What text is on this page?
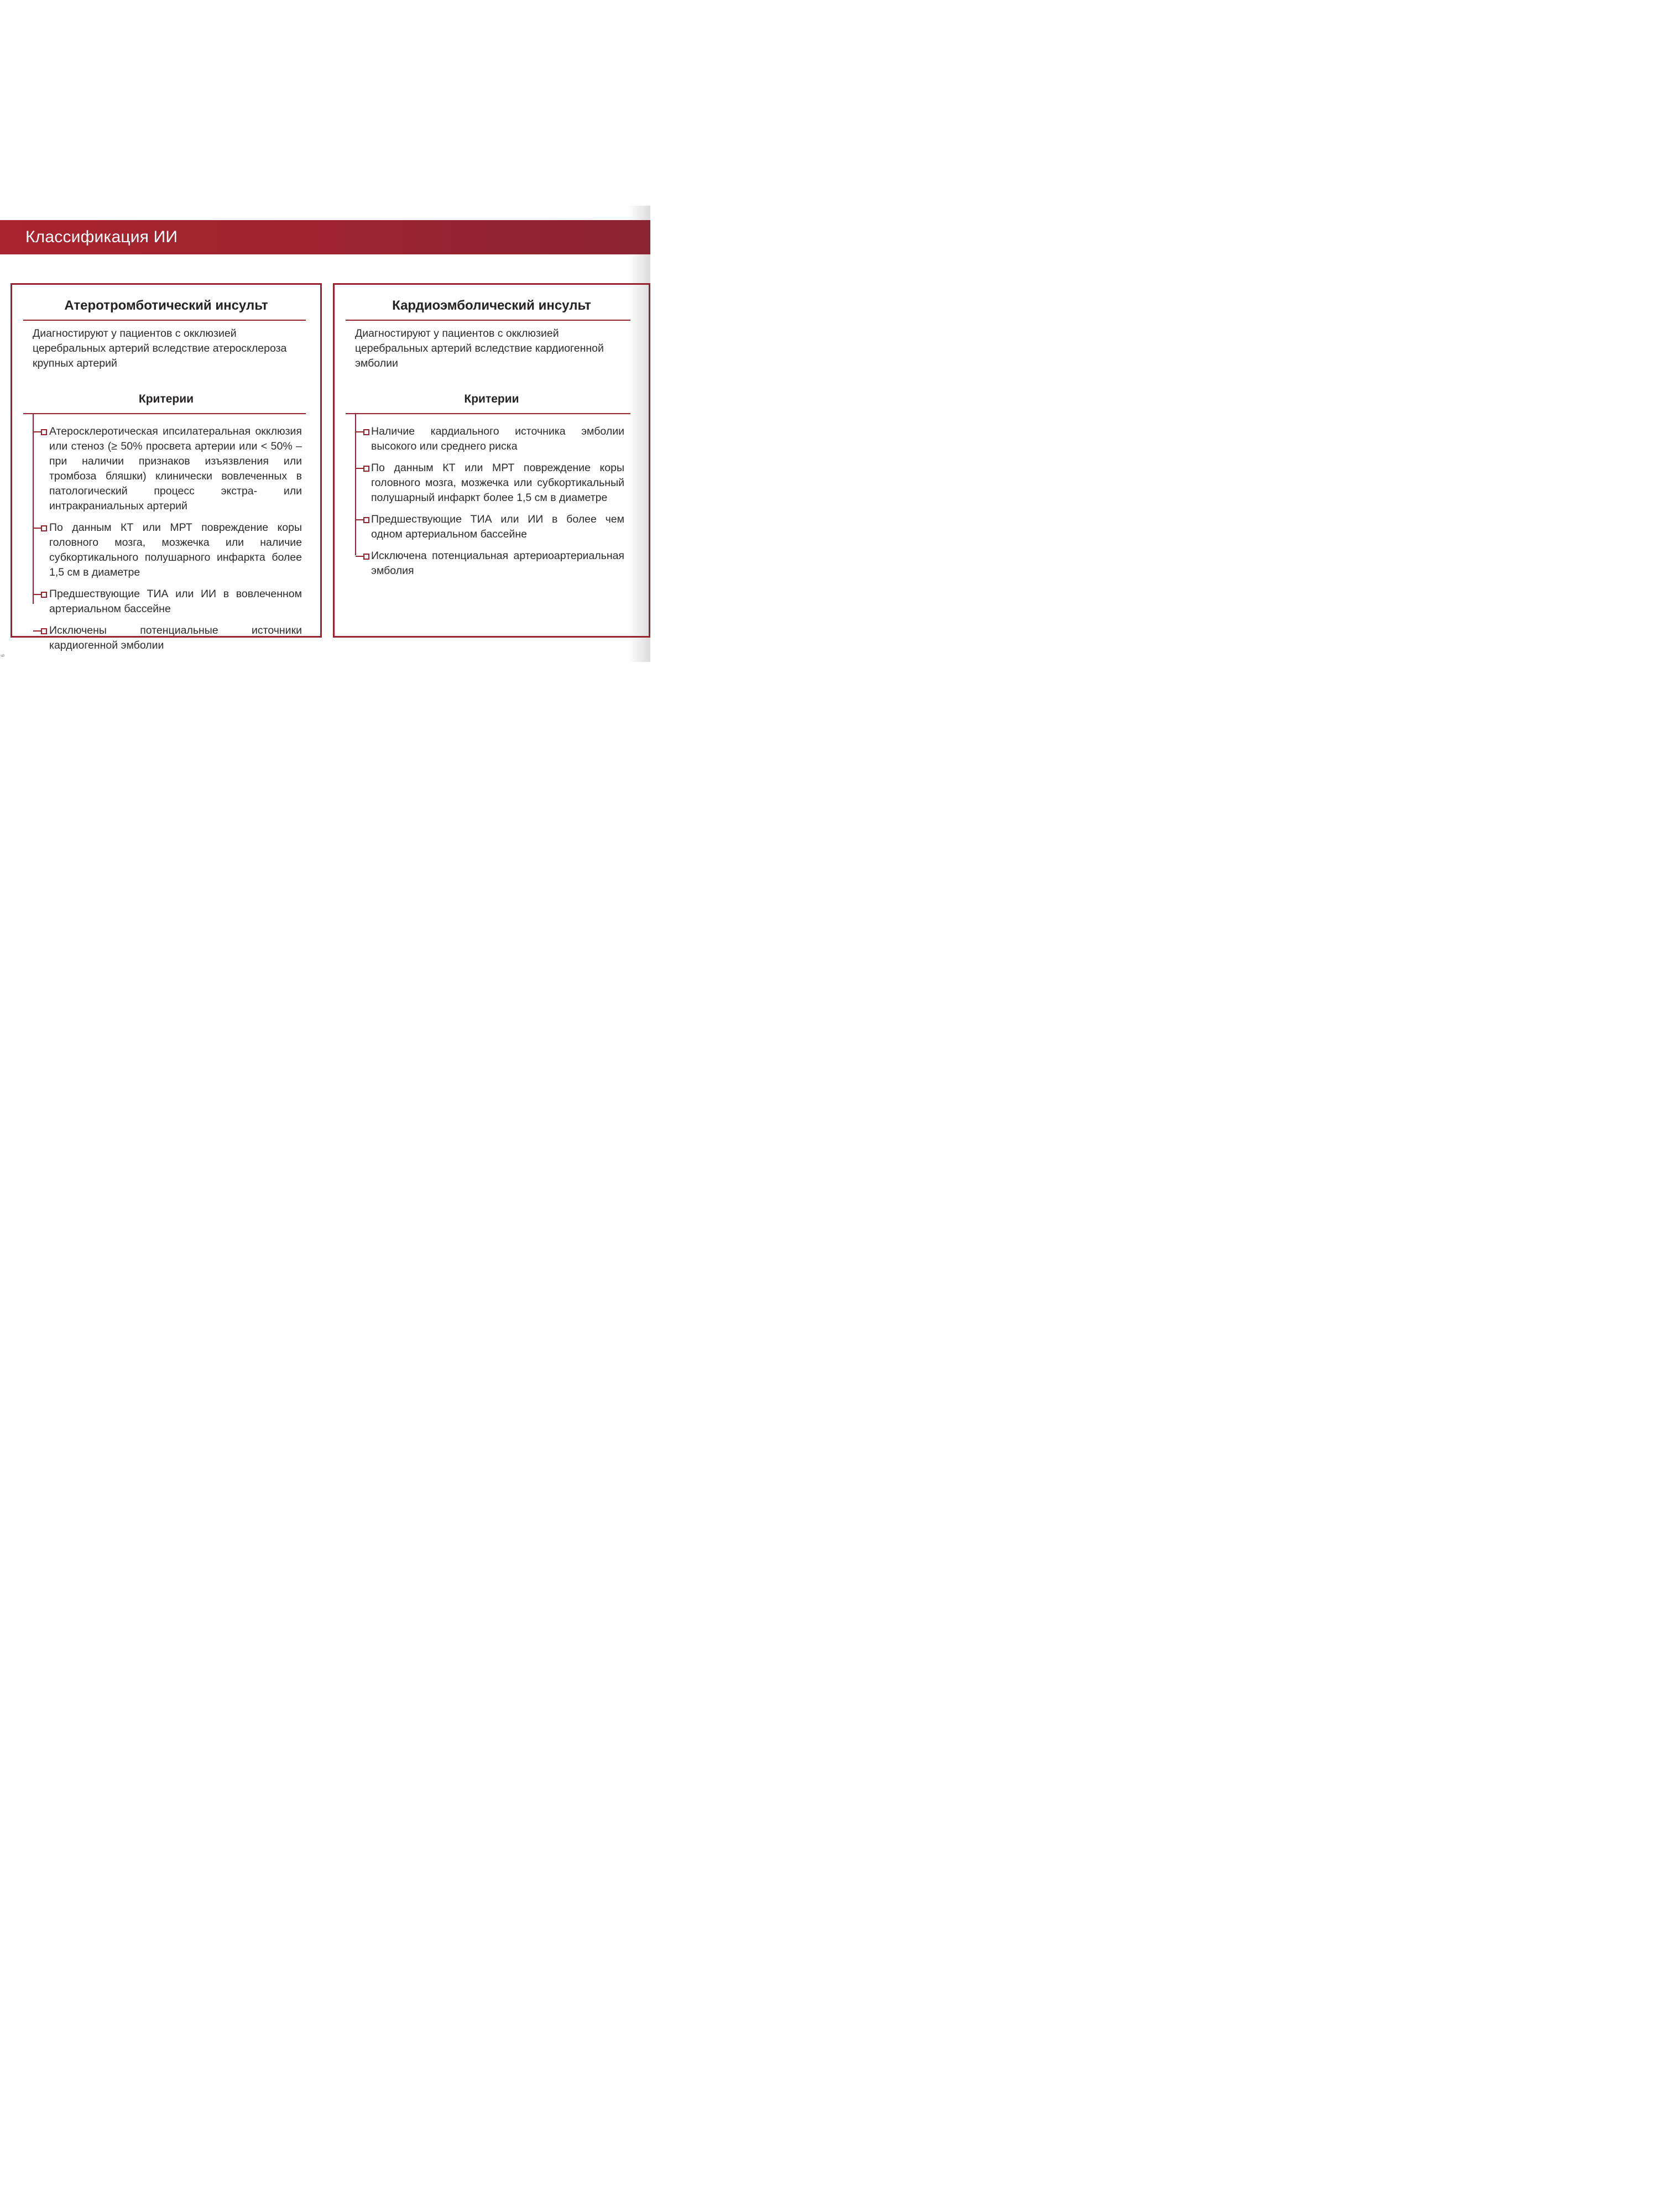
Классификация ИИ
Атеротромботический инсульт
Диагностируют у пациентов с окклюзией церебральных артерий вследствие атеросклероза крупных артерий
Критерии
Атеросклеротическая ипсилатеральная окклюзия или стеноз (≥ 50% просвета артерии или < 50% – при наличии признаков изъязвления или тромбоза бляшки) клинически вовлеченных в патологический процесс экстра- или интракраниальных артерий
По данным КТ или МРТ повреждение коры головного мозга, мозжечка или наличие субкортикального полушарного инфаркта более 1,5 см в диаметре
Предшествующие ТИА или ИИ в вовлеченном артериальном бассейне
Исключены потенциальные источники кардиогенной эмболии
Кардиоэмболический инсульт
Диагностируют у пациентов с окклюзией церебральных артерий вследствие кардиогенной эмболии
Критерии
Наличие кардиального источника эмболии высокого или среднего риска
По данным КТ или МРТ повреждение коры головного мозга, мозжечка или субкортикальный полушарный инфаркт более 1,5 см в диаметре
Предшествующие ТИА или ИИ в более чем одном артериальном бассейне
Исключена потенциальная артериоартериальная эмболия
6
